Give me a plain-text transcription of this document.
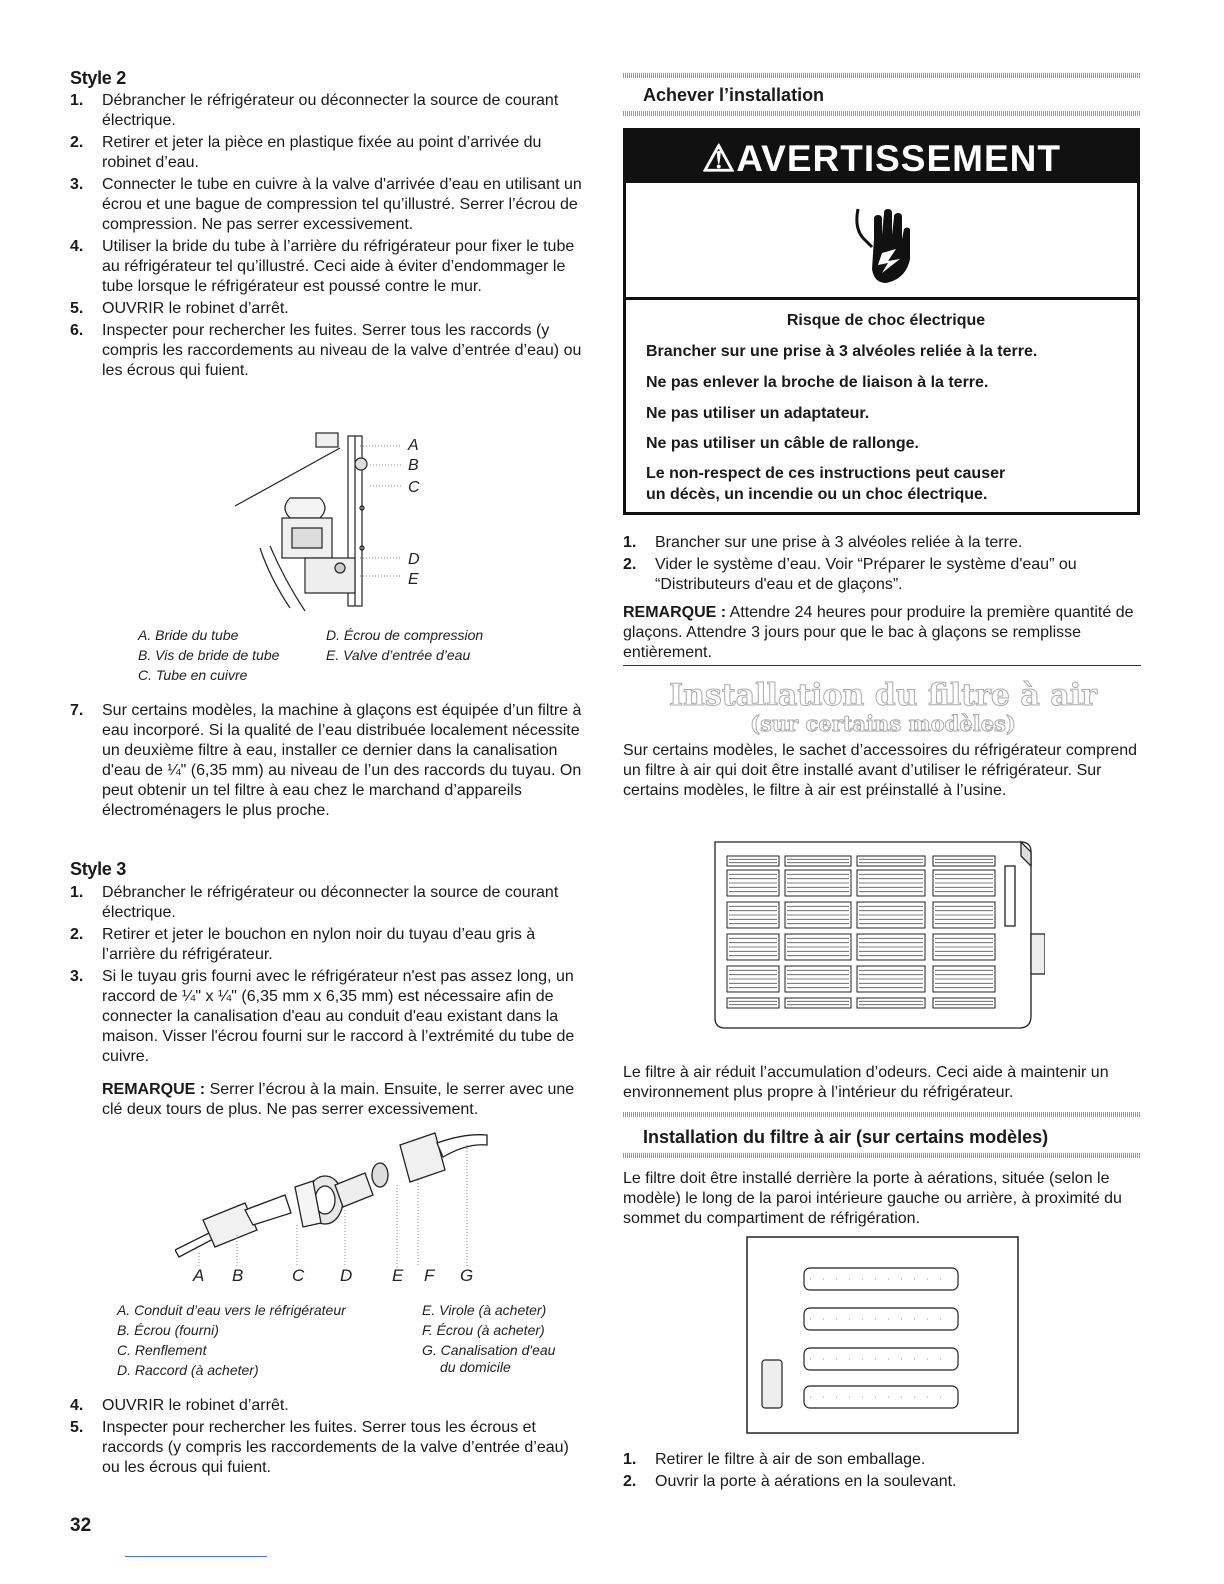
Style 2
1. Débrancher le réfrigérateur ou déconnecter la source de courant électrique.
2. Retirer et jeter la pièce en plastique fixée au point d’arrivée du robinet d’eau.
3. Connecter le tube en cuivre à la valve d'arrivée d’eau en utilisant un écrou et une bague de compression tel qu’illustré. Serrer l’écrou de compression. Ne pas serrer excessivement.
4. Utiliser la bride du tube à l’arrière du réfrigérateur pour fixer le tube au réfrigérateur tel qu’illustré. Ceci aide à éviter d’endommager le tube lorsque le réfrigérateur est poussé contre le mur.
5. OUVRIR le robinet d’arrêt.
6. Inspecter pour rechercher les fuites. Serrer tous les raccords (y compris les raccordements au niveau de la valve d’entrée d’eau) ou les écrous qui fuient.
A
B
C
D
E
A. Bride du tube
B. Vis de bride de tube
C. Tube en cuivre
D. Écrou de compression
E. Valve d’entrée d’eau
7. Sur certains modèles, la machine à glaçons est équipée d’un filtre à eau incorporé. Si la qualité de l’eau distribuée localement nécessite un deuxième filtre à eau, installer ce dernier dans la canalisation d'eau de ¼" (6,35 mm) au niveau de l’un des raccords du tuyau. On peut obtenir un tel filtre à eau chez le marchand d’appareils électroménagers le plus proche.
Style 3
1. Débrancher le réfrigérateur ou déconnecter la source de courant électrique.
2. Retirer et jeter le bouchon en nylon noir du tuyau d’eau gris à l’arrière du réfrigérateur.
3. Si le tuyau gris fourni avec le réfrigérateur n'est pas assez long, un raccord de ¼" x ¼" (6,35 mm x 6,35 mm) est nécessaire afin de connecter la canalisation d'eau au conduit d'eau existant dans la maison. Visser l'écrou fourni sur le raccord à l’extrémité du tube de cuivre.
REMARQUE : Serrer l’écrou à la main. Ensuite, le serrer avec une clé deux tours de plus. Ne pas serrer excessivement.
A B	C D E F G
A. Conduit d’eau vers le réfrigérateur
B. Écrou (fourni)
C. Renflement
D. Raccord (à acheter)
E. Virole (à acheter)
F. Écrou (à acheter)
G. Canalisation d'eau
du domicile
4. OUVRIR le robinet d’arrêt.
5. Inspecter pour rechercher les fuites. Serrer tous les écrous et raccords (y compris les raccordements de la valve d’entrée d’eau) ou les écrous qui fuient.
32
Achever l’installation
⚠AVERTISSEMENT
Risque de choc électrique
Brancher sur une prise à 3 alvéoles reliée à la terre.
Ne pas enlever la broche de liaison à la terre.
Ne pas utiliser un adaptateur.
Ne pas utiliser un câble de rallonge.
Le non-respect de ces instructions peut causer
un décès, un incendie ou un choc électrique.
1. Brancher sur une prise à 3 alvéoles reliée à la terre.
2. Vider le système d’eau. Voir “Préparer le système d'eau” ou “Distributeurs d'eau et de glaçons”.
REMARQUE : Attendre 24 heures pour produire la première quantité de glaçons. Attendre 3 jours pour que le bac à glaçons se remplisse entièrement.
Installation du filtre à air
(sur certains modèles)
Sur certains modèles, le sachet d’accessoires du réfrigérateur comprend un filtre à air qui doit être installé avant d’utiliser le réfrigérateur. Sur certains modèles, le filtre à air est préinstallé à l’usine.
Le filtre à air réduit l’accumulation d’odeurs. Ceci aide à maintenir un environnement plus propre à l’intérieur du réfrigérateur.
Installation du filtre à air (sur certains modèles)
Le filtre doit être installé derrière la porte à aérations, située (selon le modèle) le long de la paroi intérieure gauche ou arrière, à proximité du sommet du compartiment de réfrigération.
1. Retirer le filtre à air de son emballage.
2. Ouvrir la porte à aérations en la soulevant.
